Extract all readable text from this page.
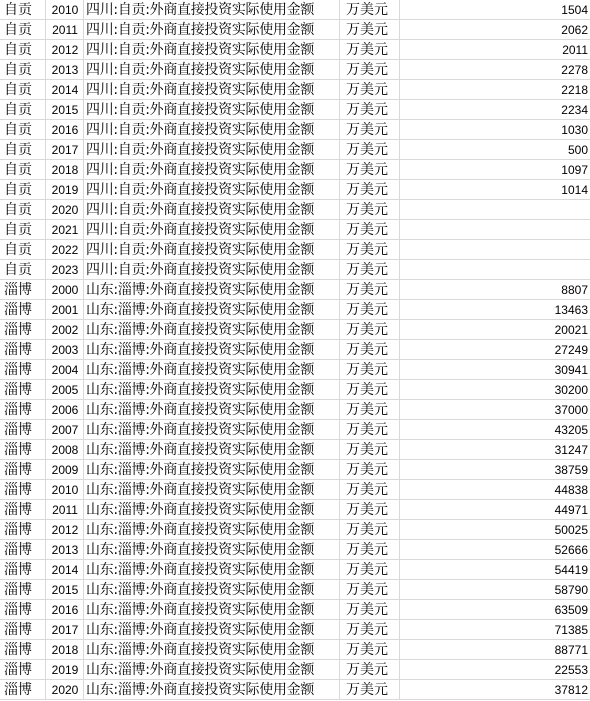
自贡	2010 四川:自贡:外商直接投资实际使用金额	万美元	1504
自贡	2011 四川:自贡:外商直接投资实际使用金额	万美元	2062
自贡	2012 四川:自贡:外商直接投资实际使用金额	万美元	2011
自贡	2013 四川:自贡:外商直接投资实际使用金额	万美元	2278
自贡	2014 四川:自贡:外商直接投资实际使用金额	万美元	2218
自贡	2015 四川:自贡:外商直接投资实际使用金额	万美元	2234
自贡	2016 四川:自贡:外商直接投资实际使用金额	万美元	1030
自贡	2017 四川:自贡:外商直接投资实际使用金额	万美元	500
自贡	2018 四川:自贡:外商直接投资实际使用金额	万美元	1097
自贡	2019 四川:自贡:外商直接投资实际使用金额	万美元	1014
自贡	2020 四川:自贡:外商直接投资实际使用金额	万美元
自贡	2021 四川:自贡:外商直接投资实际使用金额	万美元
自贡	2022 四川:自贡:外商直接投资实际使用金额	万美元
自贡	2023 四川:自贡:外商直接投资实际使用金额	万美元
淄博	2000 山东:淄博:外商直接投资实际使用金额	万美元	8807
淄博	2001 山东:淄博:外商直接投资实际使用金额	万美元	13463
淄博	2002 山东:淄博:外商直接投资实际使用金额	万美元	20021
淄博	2003 山东:淄博:外商直接投资实际使用金额	万美元	27249
淄博	2004 山东:淄博:外商直接投资实际使用金额	万美元	30941
淄博	2005 山东:淄博:外商直接投资实际使用金额	万美元	30200
淄博	2006 山东:淄博:外商直接投资实际使用金额	万美元	37000
淄博	2007 山东:淄博:外商直接投资实际使用金额	万美元	43205
淄博	2008 山东:淄博:外商直接投资实际使用金额	万美元	31247
淄博	2009 山东:淄博:外商直接投资实际使用金额	万美元	38759
淄博	2010 山东:淄博:外商直接投资实际使用金额	万美元	44838
淄博	2011 山东:淄博:外商直接投资实际使用金额	万美元	44971
淄博	2012 山东:淄博:外商直接投资实际使用金额	万美元	50025
淄博	2013 山东:淄博:外商直接投资实际使用金额	万美元	52666
淄博	2014 山东:淄博:外商直接投资实际使用金额	万美元	54419
淄博	2015 山东:淄博:外商直接投资实际使用金额	万美元	58790
淄博	2016 山东:淄博:外商直接投资实际使用金额	万美元	63509
淄博	2017 山东:淄博:外商直接投资实际使用金额	万美元	71385
淄博	2018 山东:淄博:外商直接投资实际使用金额	万美元	88771
淄博	2019 山东:淄博:外商直接投资实际使用金额	万美元	22553
淄博	2020 山东:淄博:外商直接投资实际使用金额	万美元	37812
